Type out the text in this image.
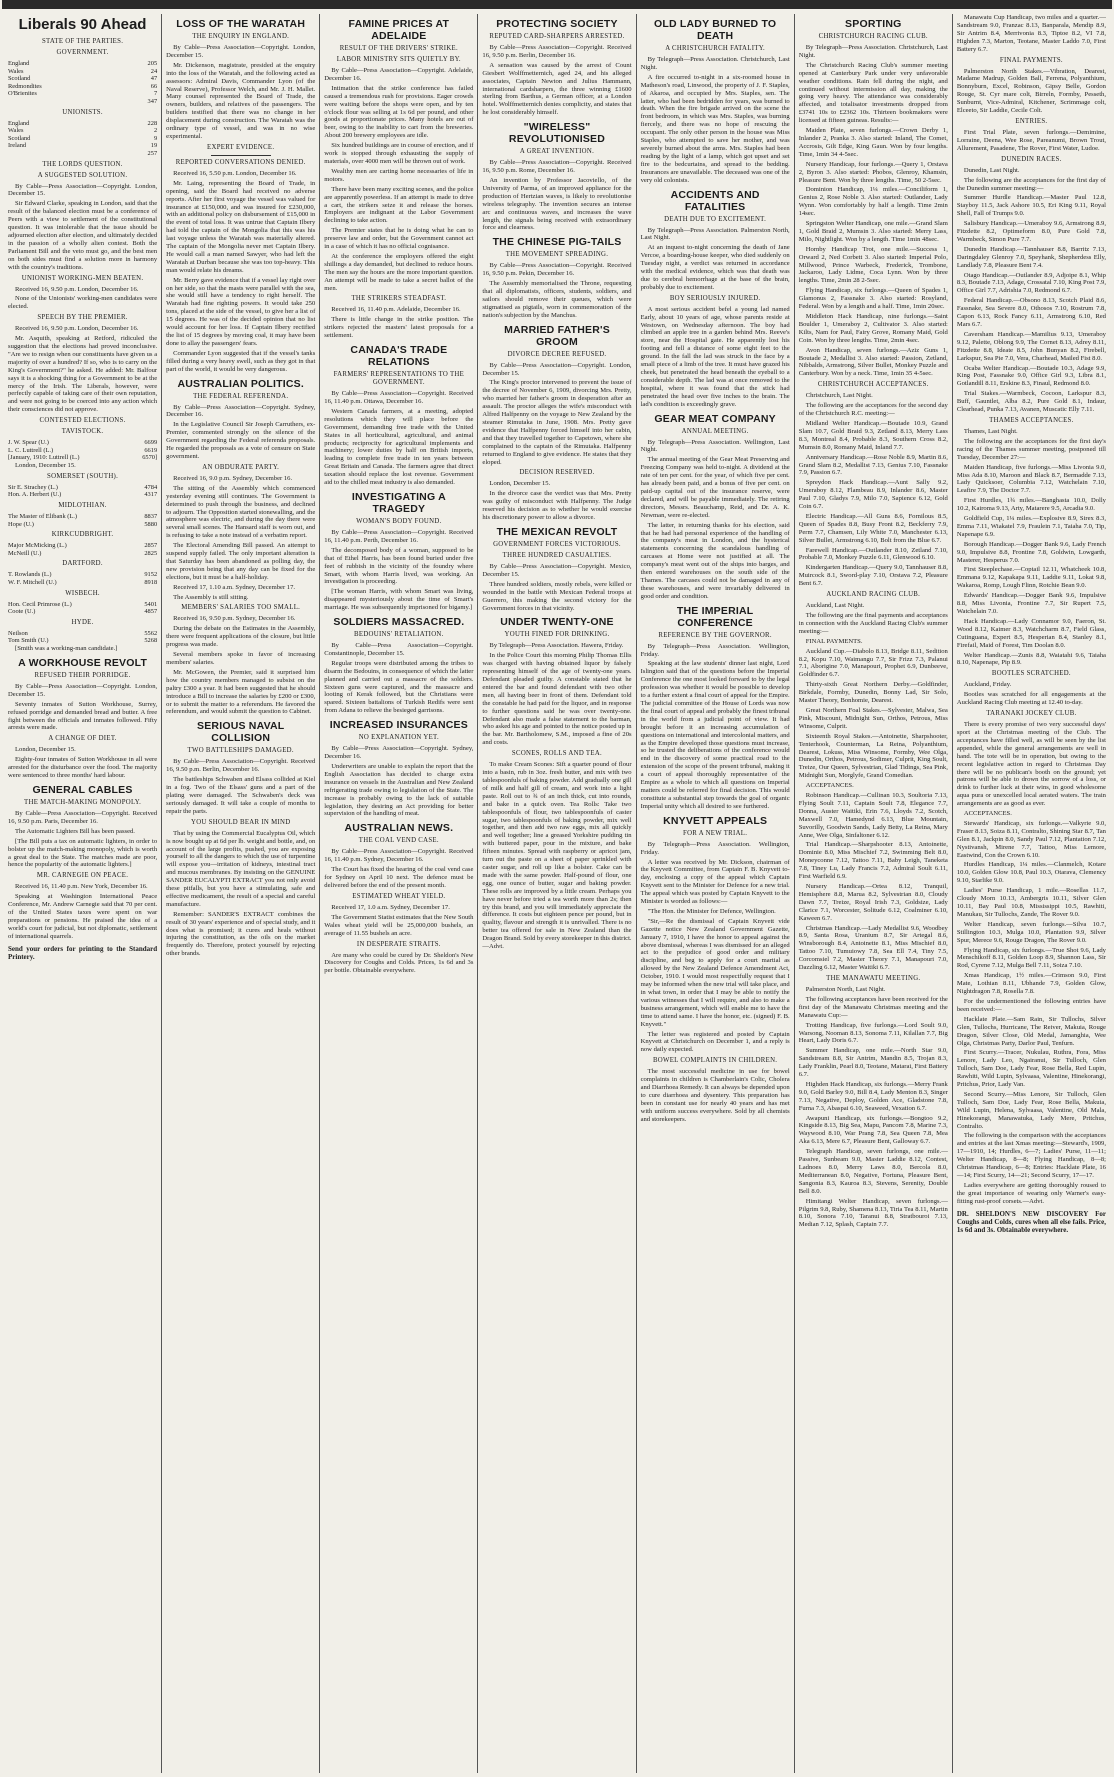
Liberals 90 Ahead
STATE OF THE PARTIES.
GOVERNMENT.
England	205
Wales	24
Scotland	47
Redmondites	66
O'Brienites	7
	347
UNIONISTS.
England	228
Wales	2
Scotland	9
Ireland	19
	257
THE LORDS QUESTION.
A SUGGESTED SOLUTION.

By Cable—Press Association—Copyright. London, December 15.

Sir Edward Clarke, speaking in London, said that the result of the balanced election must be a conference of Peers with a view to settlement of the constitutional question. It was intolerable that the issue should be adjourned election after election, and ultimately decided in the passion of a wholly alien contest. Both the Parliament Bill and the veto must go, and the best men on both sides must find a solution more in harmony with the country's traditions.

UNIONIST WORKING-MEN BEATEN.

Received 16, 9.50 p.m. London, December 16.

None of the Unionists' working-men candidates were elected.

SPEECH BY THE PREMIER.

Received 16, 9.50 p.m. London, December 16.

Mr. Asquith, speaking at Retford, ridiculed the suggestion that the elections had proved inconclusive. "Are we to resign when our constituents have given us a majority of over a hundred? If so, who is to carry on the King's Government?" he asked. He added: Mr. Balfour says it is a shocking thing for a Government to be at the mercy of the Irish. The Liberals, however, were perfectly capable of taking care of their own reputation, and were not going to be coerced into any action which their consciences did not approve.

CONTESTED ELECTIONS.
TAVISTOCK.
J. W. Spear (U.)	6699
L. C. Luttrell (L.)	6619
[January, 1910: Luttrell (L.)	6570]

London, December 15.

SOMERSET (SOUTH).
Sir E. Strachey (L.)	4784
Hon. A. Herbert (U.)	4317
MIDLOTHIAN.
The Master of Elibank (L.)	8837
Hope (U.)	5880
KIRKCUDBRIGHT.
Major McMicking (L.)	2857
McNeill (U.)	2825
DARTFORD.
T. Rowlands (L.)	9152
W. F. Mitchell (U.)	8918
WISBECH.
Hon. Cecil Primrose (L.)	5401
Coote (U.)	4857
HYDE.
Neilson	5562
Tom Smith (U.)	5268

[Smith was a working-man candidate.]

A WORKHOUSE REVOLT
REFUSED THEIR PORRIDGE.

By Cable—Press Association—Copyright. London, December 15.

Seventy inmates of Sutton Workhouse, Surrey, refused porridge and demanded bread and butter. A free fight between the officials and inmates followed. Fifty arrests were made.

A CHANGE OF DIET.

London, December 15.

Eighty-four inmates of Sutton Workhouse in all were arrested for the disturbance over the food. The majority were sentenced to three months' hard labour.

GENERAL CABLES
THE MATCH-MAKING MONOPOLY.

By Cable—Press Association—Copyright. Received 16, 9.50 p.m. Paris, December 16.

The Automatic Lighters Bill has been passed.

[The Bill puts a tax on automatic lighters, in order to bolster up the match-making monopoly, which is worth a great deal to the State. The matches made are poor, hence the popularity of the automatic lighters.]

MR. CARNEGIE ON PEACE.

Received 16, 11.40 p.m. New York, December 16.

Speaking at Washington International Peace Conference, Mr. Andrew Carnegie said that 70 per cent. of the United States taxes were spent on war preparations or pensions. He praised the idea of a world's court for judicial, but not diplomatic, settlement of international quarrels.

Send your orders for printing to the Standard Printery.
LOSS OF THE WARATAH
THE ENQUIRY IN ENGLAND.

By Cable—Press Association—Copyright. London, December 15.

Mr. Dickenson, magistrate, presided at the enquiry into the loss of the Waratah, and the following acted as assessors: Admiral Davis, Commander Lyon (of the Naval Reserve), Professor Welch, and Mr. J. H. Mallet. Many counsel represented the Board of Trade, the owners, builders, and relatives of the passengers. The builders testified that there was no change in her displacement during construction. The Waratah was the ordinary type of vessel, and was in no wise experimental.

EXPERT EVIDENCE.
REPORTED CONVERSATIONS DENIED.

Received 16, 5.50 p.m. London, December 16.

Mr. Laing, representing the Board of Trade, in opening, said the Board had received no adverse reports. After her first voyage the vessel was valued for insurance at £150,000, and was insured for £230,000, with an additional policy on disbursement of £15,000 in the event of total loss. It was untrue that Captain Ilbery had told the captain of the Mongolia that this was his last voyage unless the Waratah was materially altered. The captain of the Mongolia never met Captain Ilbery. He would call a man named Sawyer, who had left the Waratah at Durban because she was too top-heavy. This man would relate his dreams.

Mr. Berry gave evidence that if a vessel lay right over on her side, so that the masts were parallel with the sea, she would still have a tendency to right herself. The Waratah had fine righting powers. It would take 250 tons, placed at the side of the vessel, to give her a list of 15 degrees. He was of the decided opinion that no list would account for her loss. If Captain Ilbery rectified the list of 15 degrees by moving coal, it may have been done to allay the passengers' fears.

Commander Lyon suggested that if the vessel's tanks filled during a very heavy swell, such as they got in that part of the world, it would be very dangerous.

AUSTRALIAN POLITICS.
THE FEDERAL REFERENDA.

By Cable—Press Association—Copyright. Sydney, December 16.

In the Legislative Council Sir Joseph Carruthers, ex-Premier, commented strongly on the silence of the Government regarding the Federal referenda proposals. He regarded the proposals as a vote of censure on State government.

AN OBDURATE PARTY.

Received 16, 9.0 p.m. Sydney, December 16.

The sitting of the Assembly which commenced yesterday evening still continues. The Government is determined to push through the business, and declined to adjourn. The Opposition started stonewalling, and the atmosphere was electric, and during the day there were several small scenes. The Hansard staff is worn out, and is refusing to take a note instead of a verbatim report.

The Electoral Amending Bill passed. An attempt to suspend supply failed. The only important alteration is that Saturday has been abandoned as polling day, the new provision being that any day can be fixed for the elections, but it must be a half-holiday.

Received 17, 1.10 a.m. Sydney, December 17.

The Assembly is still sitting.

MEMBERS' SALARIES TOO SMALL.

Received 16, 9.50 p.m. Sydney, December 16.

During the debate on the Estimates in the Assembly, there were frequent applications of the closure, but little progress was made.

Several members spoke in favor of increasing members' salaries.

Mr. McGowen, the Premier, said it surprised him how the country members managed to subsist on the paltry £300 a year. It had been suggested that he should introduce a Bill to increase the salaries by £200 or £300, or to submit the matter to a referendum. He favored the referendum, and would submit the question to Cabinet.

SERIOUS NAVAL COLLISION
TWO BATTLESHIPS DAMAGED.

By Cable—Press Association—Copyright. Received 16, 9.50 p.m. Berlin, December 16.

The battleships Schwaben and Elsass collided at Kiel in a fog. Two of the Elsass' guns and a part of the plating were damaged. The Schwaben's deck was seriously damaged. It will take a couple of months to repair the parts.

YOU SHOULD BEAR IN MIND

That by using the Commercial Eucalyptus Oil, which is now bought up at 6d per lb. weight and bottle, and, on account of the large profits, pushed, you are exposing yourself to all the dangers to which the use of turpentine will expose you—irritation of kidneys, intestinal tract and mucous membranes. By insisting on the GENUINE SANDER EUCALYPTI EXTRACT you not only avoid these pitfalls, but you have a stimulating, safe and effective medicament, the result of a special and careful manufacture.

Remember: SANDER'S EXTRACT combines the result of 30 years' experience and of special study, and it does what is promised; it cures and heals without injuring the constitution, as the oils on the market frequently do. Therefore, protect yourself by rejecting other brands.

FAMINE PRICES AT ADELAIDE
RESULT OF THE DRIVERS' STRIKE.
LABOR MINISTRY SITS QUIETLY BY.

By Cable—Press Association—Copyright. Adelaide, December 16.

Intimation that the strike conference has failed caused a tremendous rush for provisions. Eager crowds were waiting before the shops were open, and by ten o'clock flour was selling at 1s 6d per pound, and other goods at proportionate prices. Many hotels are out of beer, owing to the inability to cart from the breweries. About 200 brewery employees are idle.

Six hundred buildings are in course of erection, and if work is stopped through exhausting the supply of materials, over 4000 men will be thrown out of work.

Wealthy men are carting home necessaries of life in motors.

There have been many exciting scenes, and the police are apparently powerless. If an attempt is made to drive a cart, the strikers seize it and release the horses. Employers are indignant at the Labor Government declining to take action.

The Premier states that he is doing what he can to preserve law and order, but the Government cannot act in a case of which it has no official cognisance.

At the conference the employers offered the eight shillings a day demanded, but declined to reduce hours. The men say the hours are the more important question. An attempt will be made to take a secret ballot of the men.

THE STRIKERS STEADFAST.

Received 16, 11.40 p.m. Adelaide, December 16.

There is little change in the strike position. The strikers rejected the masters' latest proposals for a settlement.

CANADA'S TRADE RELATIONS
FARMERS' REPRESENTATIONS TO THE GOVERNMENT.

By Cable—Press Association—Copyright. Received 16, 11.40 p.m. Ottawa, December 16.

Western Canada farmers, at a meeting, adopted resolutions which they will place before the Government, demanding free trade with the United States in all horticultural, agricultural, and animal products; reciprocity for agricultural implements and machinery; lower duties by half on British imports, leading to complete free trade in ten years between Great Britain and Canada. The farmers agree that direct taxation should replace the lost revenue. Government aid to the chilled meat industry is also demanded.

INVESTIGATING A TRAGEDY
WOMAN'S BODY FOUND.

By Cable—Press Association—Copyright. Received 16, 11.40 p.m. Perth, December 16.

The decomposed body of a woman, supposed to be that of Ethel Harris, has been found buried under five feet of rubbish in the vicinity of the foundry where Smart, with whom Harris lived, was working. An investigation is proceeding.

[The woman Harris, with whom Smart was living, disappeared mysteriously about the time of Smart's marriage. He was subsequently imprisoned for bigamy.]

SOLDIERS MASSACRED.
BEDOUINS' RETALIATION.

By Cable—Press Association—Copyright. Constantinople, December 15.

Regular troops were distributed among the tribes to disarm the Bedouins, in consequence of which the latter planned and carried out a massacre of the soldiers. Sixteen guns were captured, and the massacre and looting of Kerak followed, but the Christians were spared. Sixteen battalions of Turkish Redifs were sent from Adana to relieve the besieged garrisons.

INCREASED INSURANCES
NO EXPLANATION YET.

By Cable—Press Association—Copyright. Sydney, December 16.

Underwriters are unable to explain the report that the English Association has decided to charge extra insurance on vessels in the Australian and New Zealand refrigerating trade owing to legislation of the State. The increase is probably owing to the lack of suitable legislation, they desiring an Act providing for better supervision of the handling of meat.

AUSTRALIAN NEWS.
THE COAL VEND CASE.

By Cable—Press Association—Copyright. Received 16, 11.40 p.m. Sydney, December 16.

The Court has fixed the hearing of the coal vend case for Sydney on April 10 next. The defence must be delivered before the end of the present month.

ESTIMATED WHEAT YIELD.

Received 17, 1.0 a.m. Sydney, December 17.

The Government Statist estimates that the New South Wales wheat yield will be 25,000,000 bushels, an average of 11.55 bushels an acre.

IN DESPERATE STRAITS.

Are many who could be cured by Dr. Sheldon's New Discovery for Coughs and Colds. Prices, 1s 6d and 3s per bottle. Obtainable everywhere.

PROTECTING SOCIETY
REPUTED CARD-SHARPERS ARRESTED.

By Cable—Press Association—Copyright. Received 16, 9.50 p.m. Berlin, December 16.

A sensation was caused by the arrest of Count Giesbert Wolffmetternich, aged 24, and his alleged associates, Captain Newton and Julius Hammann, international cardsharpers, the three winning £1600 sterling from Barthus, a German officer, at a London hotel. Wolffmetternich denies complicity, and states that he lost considerably himself.

"WIRELESS" REVOLUTIONISED
A GREAT INVENTION.

By Cable—Press Association—Copyright. Received 16, 9.50 p.m. Rome, December 16.

An invention by Professor Jacoviello, of the University of Parma, of an improved appliance for the production of Hertzian waves, is likely to revolutionise wireless telegraphy. The invention secures an intense arc and continuous waves, and increases the wave length, the signals being received with extraordinary force and clearness.

THE CHINESE PIG-TAILS
THE MOVEMENT SPREADING.

By Cable—Press Association—Copyright. Received 16, 9.50 p.m. Pekin, December 16.

The Assembly memorialised the Throne, requesting that all diplomatists, officers, students, soldiers, and sailors should remove their queues, which were stigmatised as pigtails, worn in commemoration of the nation's subjection by the Manchus.

MARRIED FATHER'S GROOM
DIVORCE DECREE REFUSED.

By Cable—Press Association—Copyright. London, December 15.

The King's proctor intervened to prevent the issue of the decree of November 6, 1909, divorcing Mrs. Pretty, who married her father's groom in desperation after an assault. The proctor alleges the wife's misconduct with Alfred Halfpenny on the voyage to New Zealand by the steamer Rimutaka in June, 1908. Mrs. Pretty gave evidence that Halfpenny forced himself into her cabin, and that they travelled together to Capetown, where she complained to the captain of the Rimutaka. Halfpenny returned to England to give evidence. He states that they eloped.

DECISION RESERVED.

London, December 15.

In the divorce case the verdict was that Mrs. Pretty was guilty of misconduct with Halfpenny. The Judge reserved his decision as to whether he would exercise his discretionary power to allow a divorce.

THE MEXICAN REVOLT
GOVERNMENT FORCES VICTORIOUS.
THREE HUNDRED CASUALTIES.

By Cable—Press Association—Copyright. Mexico, December 15.

Three hundred soldiers, mostly rebels, were killed or wounded in the battle with Mexican Federal troops at Guerrero, this making the second victory for the Government forces in that vicinity.

UNDER TWENTY-ONE
YOUTH FINED FOR DRINKING.

By Telegraph—Press Association. Hawera, Friday.

In the Police Court this morning Philip Thomas Ellis was charged with having obtained liquor by falsely representing himself of the age of twenty-one years. Defendant pleaded guilty. A constable stated that he entered the bar and found defendant with two other men, all having beer in front of them. Defendant told the constable he had paid for the liquor, and in response to further questions said he was over twenty-one. Defendant also made a false statement to the barman, who asked his age and pointed to the notice posted up in the bar. Mr. Bartholomew, S.M., imposed a fine of 20s and costs.

SCONES, ROLLS AND TEA.

To make Cream Scones: Sift a quarter pound of flour into a basin, rub in 3oz. fresh butter, and mix with two tablespoonfuls of baking powder. Add gradually one gill of milk and half gill of cream, and work into a light paste. Roll out to ¾ of an inch thick, cut into rounds, and bake in a quick oven. Tea Rolls: Take two tablespoonfuls of flour, two tablespoonfuls of caster sugar, two tablespoonfuls of baking powder, mix well together, and then add two raw eggs, mix all quickly and well together; line a greased Yorkshire pudding tin with buttered paper, pour in the mixture, and bake fifteen minutes. Spread with raspberry or apricot jam, turn out the paste on a sheet of paper sprinkled with caster sugar, and roll up like a bolster. Cake can be made with the same powder. Half-pound of flour, one egg, one ounce of butter, sugar and baking powder. These rolls are improved by a little cream. Perhaps you have never before tried a tea worth more than 2s; then try this brand, and you will immediately appreciate the difference. It costs but eighteen pence per pound, but in quality, flavour and strength it is unrivalled. There is no better tea offered for sale in New Zealand than the Dragon Brand. Sold by every storekeeper in this district.—Advt.

OLD LADY BURNED TO DEATH
A CHRISTCHURCH FATALITY.

By Telegraph—Press Association. Christchurch, Last Night.

A fire occurred to-night in a six-roomed house in Matheson's road, Linwood, the property of J. F. Staples, of Akaroa, and occupied by Mrs. Staples, sen. The latter, who had been bedridden for years, was burned to death. When the fire brigade arrived on the scene the front bedroom, in which was Mrs. Staples, was burning fiercely, and there was no hope of rescuing the occupant. The only other person in the house was Miss Staples, who attempted to save her mother, and was severely burned about the arms. Mrs. Staples had been reading by the light of a lamp, which got upset and set fire to the bedcurtains, and spread to the bedding. Insurances are unavailable. The deceased was one of the very old colonists.

ACCIDENTS AND FATALITIES
DEATH DUE TO EXCITEMENT.

By Telegraph—Press Association. Palmerston North, Last Night.

At an inquest to-night concerning the death of Jane Vercoe, a boarding-house keeper, who died suddenly on Tuesday night, a verdict was returned in accordance with the medical evidence, which was that death was due to cerebral hemorrhage at the base of the brain, probably due to excitement.

BOY SERIOUSLY INJURED.

A most serious accident befel a young lad named Early, about 10 years of age, whose parents reside at Westown, on Wednesday afternoon. The boy had climbed an apple tree in a garden behind Mrs. Reeve's store, near the Hospital gate. He apparently lost his footing and fell a distance of some eight feet to the ground. In the fall the lad was struck in the face by a small piece of a limb of the tree. It must have grazed his cheek, but penetrated the head beneath the eyeball to a considerable depth. The lad was at once removed to the hospital, where it was found that the stick had penetrated the head over five inches to the brain. The lad's condition is exceedingly grave.

GEAR MEAT COMPANY
ANNUAL MEETING.

By Telegraph—Press Association. Wellington, Last Night.

The annual meeting of the Gear Meat Preserving and Freezing Company was held to-night. A dividend at the rate of ten per cent. for the year, of which five per cent. has already been paid, and a bonus of five per cent. on paid-up capital out of the insurance reserve, were declared, and will be payable immediately. The retiring directors, Messrs. Beauchamp, Reid, and Dr. A. K. Newman, were re-elected.

The latter, in returning thanks for his election, said that he had had personal experience of the handling of the company's meat in London, and the hysterical statements concerning the scandalous handling of carcases at Home were not justified at all. The company's meat went out of the ships into barges, and then entered warehouses on the south side of the Thames. The carcases could not be damaged in any of these warehouses, and were invariably delivered in good order and condition.

THE IMPERIAL CONFERENCE
REFERENCE BY THE GOVERNOR.

By Telegraph—Press Association. Wellington, Friday.

Speaking at the law students' dinner last night, Lord Islington said that of the questions before the Imperial Conference the one most looked forward to by the legal profession was whether it would be possible to develop to a further extent a final court of appeal for the Empire. The judicial committee of the House of Lords was now the final court of appeal and probably the finest tribunal in the world from a judicial point of view. It had brought before it an increasing accumulation of questions on international and intercolonial matters, and as the Empire developed those questions must increase, so he trusted the deliberations of the conference would end in the discovery of some practical road to the extension of the scope of the present tribunal, making it a court of appeal thoroughly representative of the Empire as a whole to which all questions on Imperial matters could be referred for final decision. This would constitute a substantial step towards the goal of organic Imperial unity which all desired to see furthered.

KNYVETT APPEALS
FOR A NEW TRIAL.

By Telegraph—Press Association. Wellington, Friday.

A letter was received by Mr. Dickson, chairman of the Knyvett Committee, from Captain F. B. Knyvett to-day, enclosing a copy of the appeal which Captain Knyvett sent to the Minister for Defence for a new trial. The appeal which was posted by Captain Knyvett to the Minister is worded as follows:—

"The Hon. the Minister for Defence, Wellington.

"Sir,—Re the dismissal of Captain Knyvett vide Gazette notice New Zealand Government Gazette, January 7, 1910, I have the honor to appeal against the above dismissal, whereas I was dismissed for an alleged act to the prejudice of good order and military discipline, and beg to apply for a court martial as allowed by the New Zealand Defence Amendment Act, October, 1910. I would most respectfully request that I may be informed when the new trial will take place, and in what town, in order that I may be able to notify the various witnesses that I will require, and also to make a business arrangement, which will enable me to have the time to attend same. I have the honor, etc. (signed) F. B. Knyvett."

The letter was registered and posted by Captain Knyvett at Christchurch on December 1, and a reply is now daily expected.

BOWEL COMPLAINTS IN CHILDREN.

The most successful medicine in use for bowel complaints in children is Chamberlain's Colic, Cholera and Diarrhoea Remedy. It can always be depended upon to cure diarrhoea and dysentery. This preparation has been in constant use for nearly 40 years and has met with uniform success everywhere. Sold by all chemists and storekeepers.

SPORTING
CHRISTCHURCH RACING CLUB.

By Telegraph—Press Association. Christchurch, Last Night.

The Christchurch Racing Club's summer meeting opened at Canterbury Park under very unfavorable weather conditions. Rain fell during the night, and continued without intermission all day, making the going very heavy. The attendance was considerably affected, and totalisator investments dropped from £3741 10s to £2362 10s. Thirteen bookmakers were licensed at fifteen guineas. Results:—

Maiden Plate, seven furlongs.—Crown Derby 1, Inlander 2, Pranka 3. Also started: Inland, The Comet, Accrosis, Gilt Edge, King Gaun. Won by four lengths. Time, 1min 34 4-5sec.

Nursery Handicap, four furlongs.—Query 1, Orstava 2, Byron 3. Also started: Phobos, Glenroy, Khamsin, Pleasure Bent. Won by three lengths. Time, 50 2-5sec.

Dominion Handicap, 1¼ miles.—Conciliform 1, Genius 2, Rose Noble 3. Also started: Outlander, Lady Wynn. Won comfortably by half a length. Time 2min 14sec.

Springston Welter Handicap, one mile.—Grand Slam 1, Gold Braid 2, Mumsin 3. Also started: Merry Lass, Milo, Nightlight. Won by a length. Time 1min 48sec.

Hornby Handicap Trot, one mile.—Success 1, Orward 2, Ned Corbett 3. Also started: Imperial Polo, Millwood, Prince Warbeck, Frederick, Trombone, Jackaroo, Lady Lidme, Coca Lynn. Won by three lengths. Time, 2min 28 2-5sec.

Flying Handicap, six furlongs.—Queen of Spades 1, Glamonus 2, Fassnake 3. Also started: Rosyland, Federal. Won by a length and a half. Time, 1min 20sec.

Middleton Hack Handicap, nine furlongs.—Saint Boulder 1, Umeraboy 2, Cultivator 3. Also started: Kilts, Nam for Paul, Fairy Grove, Romany Maid, Gold Coin. Won by three lengths. Time, 2min 4sec.

Avon Handicap, seven furlongs.—Aziz Guns 1, Boutade 2, Medallist 3. Also started: Passion, Zetland, Nibbalds, Armstrong, Silver Bullet, Monkey Puzzle and Canterbury. Won by a neck. Time, 1min 35 4-5sec.

CHRISTCHURCH ACCEPTANCES.

Christchurch, Last Night.

The following are the acceptances for the second day of the Christchurch R.C. meeting:—

Midland Welter Handicap.—Boutade 10.9, Grand Slam 10.7, Gold Braid 9.3, Zetland 8.13, Merry Lass 8.3, Montreal 8.4, Probable 8.3, Southern Cross 8.2, Mumsin 8.0, Romany Maid, Inland 7.7.

Anniversary Handicap.—Rose Noble 8.9, Martin 8.6, Grand Slam 8.2, Medallist 7.13, Genius 7.10, Fassnake 7.9, Passion 6.7.

Spreydon Hack Handicap.—Aunt Sally 9.2, Umeraboy 8.12, Flambeau 8.9, Inlander 8.6, Master Paul 7.10, Gladys 7.9, Milo 7.0, Sapience 6.12, Gold Coin 6.7.

Electric Handicap.—All Guns 8.6, Fornilous 8.5, Queen of Spades 8.8, Busy Front 8.2, Beckferry 7.9, Perm 7.7, Chamsen, Lily White 7.0, Manchester 6.13, Silver Bullet, Armstrong 6.10, Bolt from the Blue 6.7.

Farewell Handicap.—Outlander 8.10, Zetland 7.10, Probable 7.0, Monkey Puzzle 6.11, Glenwood 6.10.

Kindergarten Handicap.—Query 9.0, Tannhauser 8.8, Muircock 8.1, Sword-play 7.10, Orstava 7.2, Pleasure Bent 6.7.

AUCKLAND RACING CLUB.

Auckland, Last Night.

The following are the final payments and acceptances in connection with the Auckland Racing Club's summer meeting:—

FINAL PAYMENTS.

Auckland Cup.—Diabolo 8.13, Bridge 8.11, Sedition 8.2, Kopu 7.10, Waimangu 7.7, Sir Frizz 7.3, Palanui 7.1, Aborigine 7.0, Manapouri, Prophet 6.9, Dunbeeve, Goldfinder 6.7.

Thirty-sixth Great Northern Derby.—Goldfinder, Birkdale, Formby, Dunedin, Bonny Lad, Sir Solo, Master Theory, Bonhomie, Dearest.

Great Northern Foal Stakes.—Sylvester, Malwa, Sea Pink, Miscount, Midnight Sun, Orthos, Petrous, Miss Winsome, Culprit.

Sixteenth Royal Stakes.—Antoinette, Sharpshooter, Tenterhook, Counterman, La Reina, Polyanthium, Dearest, Lokuss, Miss Winsome, Formby, Wee Olga, Dunedin, Orthos, Petrous, Sodimer, Culprit, King Soult, Treize, Our Queen, Sylvestrian, Glad Tidings, Sea Pink, Midnight Sun, Morglyfe, Grand Comedian.

ACCEPTANCES.

Robinson Handicap.—Cullinan 10.3, Soultoria 7.13, Flying Soult 7.11, Captain Soult 7.8, Elegance 7.7, Donna, Auster Waitiki, Erin 7.6, Lloyds 7.2, Scotch, Maxwell 7.0, Hamedynd 6.13, Blue Mountain, Suvorilly, Goodwin Sands, Lady Betty, La Reina, Mary Anne, Wee Olga, Sinfaltoner 6.12.

Trial Handicap.—Sharpshooter 8.13, Antoinette, Dominie 8.0, Miss Mischief 7.2, Swimming Belt 8.0, Moneyconne 7.12, Tattoo 7.11, Baby Leigh, Taneketa 7.8, Tiney Lu, Lady Francis 7.2, Admiral Soult 6.11, First Warfield 6.9.

Nursery Handicap.—Ortea 8.12, Tranquil, Hemisphere 8.8, Marua 8.2, Sylvestrian 8.0, Cloudy Dawn 7.7, Treize, Royal Irish 7.3, Goldsize, Lady Clarice 7.1, Worcester, Solitude 6.12, Coalminer 6.10, Kaween 6.7.

Christmas Handicap.—Lady Medallist 9.6, Woodbey 8.9, Santa Rosa, Uranium 8.7, Sir Artegal 8.6, Winsborough 8.4, Antoinette 8.1, Miss Mischief 8.0, Tattoo 7.10, Tumuiowy 7.8, Sea Ell 7.4, Tiny 7.5, Corcomsiel 7.2, Master Theory 7.1, Manapouri 7.0, Dazzling 6.12, Master Waitiki 6.7.

THE MANAWATU MEETING.

Palmerston North, Last Night.

The following acceptances have been received for the first day of the Manawatu Christmas meeting and the Manawatu Cup:—

Trotting Handicap, five furlongs.—Lord Soult 9.0, Warsong, Nooman 8.13, Sonoma 7.11, Kilallan 7.7, Big Heart, Lady Doris 6.7.

Summer Handicap, one mile.—North Star 9.0, Sandstream 8.8, Sir Antrim, Mandin 8.5, Trojan 8.3, Lady Franklin, Pearl 8.0, Teotane, Matarai, First Battery 6.7.

Highden Hack Handicap, six furlongs.—Merry Frank 9.0, Gold Barley 9.0, Bill 8.4, Lady Menton 8.3, Singer 7.13, Negative, Deploy, Golden Ace, Gladstone 7.8, Furna 7.3, Abaspai 6.10, Seaweed, Vexation 6.7.

Awapuni Handicap, six furlongs.—Bongtoo 9.2, Kingside 8.13, Big Sea, Mapu, Pancom 7.8, Marine 7.3, Waywood 8.10, War Prang 7.8, Sea Queen 7.8, Mea Aka 6.13, Mere 6.7, Pleasure Bent, Galloway 6.7.

Telegraph Handicap, seven furlongs, one mile.—Passive, Sunbeam 9.0, Master Laddie 8.12, Contest, Ladnoes 8.0, Merry Laws 8.0, Bercola 8.0, Mediterranean 8.0, Negative, Fortuna, Pleasure Bent, Sangonia 8.3, Kauroa 8.3, Stevens, Serenity, Double Bell 8.0.

Himitangi Welter Handicap, seven furlongs.—Pilgrim 9.8, Ruby, Shamena 8.13, Tiria Tea 8.11, Martin 8.10, Sonora 7.10, Taranui 8.8, Stratbouroi 7.13, Median 7.12, Splash, Captain 7.7.

Manawatu Cup Handicap, two miles and a quarter.—Sandstream 9.0, Franzac 8.13, Banparala, Mendip 8.9, Sir Antrim 8.4, Merrivonia 8.3, Tiptoe 8.2, VI 7.8, Highden 7.3, Marton, Teotane, Master Laddo 7.0, First Battery 6.7.

FINAL PAYMENTS.

Palmerston North Stakes.—Vibration, Dearest, Madame Madrup, Golden Ball, Ferrena, Polyanthium, Bonnyburn, Excel, Robinson, Gipsy Belle, Gordon Rouge, St. Cyr mare colt, Birreln, Formby, Pesseth, Sunburnt, Vice-Admiral, Kitchener, Scrimmage colt, Elceeto, Sir Laddie, Cecile Colt.

ENTRIES.

First Trial Plate, seven furlongs.—Demimine, Lorraine, Deena, Wee Rose, Pareanumi, Brown Trout, Allurement, Pasadene, The Rover, First Water, Ludoe.

DUNEDIN RACES.

Dunedin, Last Night.

The following are the acceptances for the first day of the Dunedin summer meeting:—

Summer Hurdle Handicap.—Master Paul 12.8, Stayboy 11.5, Jack Ashore 10.5, Eri King 9.11, Royal Shell, Fall of Trumps 9.0.

Salisbury Handicap.—Umeraboy 9.6, Armstrong 8.9, Fitzdette 8.2, Optimeform 8.0, Pure Gold 7.8, Warmbeck, Simon Pure 7.7.

Dunedin Handicap.—Tannhauser 8.8, Barritz 7.13, Daringdaley Glenroy 7.0, Speyhank, Shepherdess Elly, Landlady 7.8, Pleasure Bent 7.4.

Otago Handicap.—Outlander 8.9, Adjoipe 8.1, Whip 8.3, Boutade 7.13, Adage, Crossatal 7.10, King Post 7.9, Office Girl 7.7, Adrishia 7.0, Redmond 6.7.

Federal Handicap.—Obsono 8.13, Scotch Plaid 8.6, Fassnake, Sea Severe 8.0, Othosos 7.10, Rostrum 7.8, Capon 6.13, Rock Fancy 6.11, Armstrong 6.10, Red Mars 6.7.

Caversham Handicap.—Mamilius 9.13, Umeraboy 9.12, Palette, Oblong 9.9, The Cornet 8.13, Adrey 8.11, Fitzdette 8.8, Ideate 8.5, John Bunyan 8.2, Firebell, Larkspur, Sea Pie 7.0, Vera, Charhead, Mailed Fist 8.0.

Ocaba Welter Handicap.—Boutade 10.3, Adage 9.9, King Post, Fassnake 9.0, Office Girl 9.3, Libra 8.1, Gotlandill 8.11, Erskine 8.3, Finaul, Redmond 8.0.

Trial Stakes.—Warmbeck, Cocoon, Larkspur 8.3, Buff, Gauntlet, Alba 8.2, Pure Gold 8.1, Indaur, Clearhead, Punka 7.13, Avanen, Muscatic Elly 7.11.

THAMES ACCEPTANCES.

Thames, Last Night.

The following are the acceptances for the first day's racing of the Thames summer meeting, postponed till Tuesday, December 27:—

Maiden Handicap, five furlongs.—Miss Livonia 9.0, Miss Ada 8.10, Maroon and Black 8.7, Bermadde 7.13, Lady Quicksoer, Columbia 7.12, Watchelain 7.10, Leafire 7.9, The Doctor 7.7.

First Hurdles, 1¾ miles.—Banghasta 10.0, Dolly 10.2, Kairoma 9.13, Arty, Matarere 9.5, Arcadia 9.0.

Goldfield Cup, 1¼ miles.—Explosive 8.9, Sirex 8.3, Emma 7.11, Wiakatel 7.9, Fraulein 7.1, Taiaha 7.0, Tip, Napenape 6.9.

Borough Handicap.—Dogger Bank 9.6, Lady French 9.0, Impulsive 8.8, Frontine 7.8, Goldwin, Lowgarth, Masterer, Hesperus 7.0.

First Steeplechase.—Coptail 12.11, Whatcheek 10.8, Emmana 9.12, Kapakapa 9.11, Laddie 9.11, Lokat 9.8, Wakaroa, Romp, Lough Flinn, Rotchie Bean 9.0.

Edwards' Handicap.—Dogger Bank 9.6, Impulsive 8.8, Miss Livonia, Frontine 7.7, Sir Rupert 7.5, Watchelain 7.0.

Hack Handicap.—Lady Connamor 9.0, Faeron, St. Wood 8.12, Kaimer 8.3, Watchcharm 8.7, Field Glass, Cutinguana, Expert 8.5, Hesperian 8.4, Stanley 8.1, Firefail, Maid of Forest, Tim Doolan 8.0.

Welter Handicap.—Zunis 8.8, Waiatahi 9.6, Taiaha 8.10, Napenape, Pip 8.9.

BOOTLES SCRATCHED.

Auckland, Friday.

Bootles was scratched for all engagements at the Auckland Racing Club meeting at 12.40 to-day.

TARANAKI JOCKEY CLUB.

There is every promise of two very successful days' sport at the Christmas meeting of the Club. The acceptances have filled well, as will be seen by the list appended, while the general arrangements are well in hand. The tote will be in operation, but owing to the recent legislative action in regard to Christmas Day there will be no publican's booth on the ground; yet patrons will be able to drown the sorrow of a loss, or drink to further luck at their wins, in good wholesome aqua pura or unexcelled local aerated waters. The train arrangements are as good as ever.

ACCEPTANCES.

Stewards' Handicap, six furlongs.—Valkyrie 9.0, Fraser 8.13, Soiza 8.11, Contralto, Shining Star 8.7, Tan Glen 8.1, Jackpin 8.0, Sandy Paul 7.12, Plantation 7.12, Nystivansh, Mirene 7.7, Tattoo, Miss Lemore, Eastwind, Con the Crown 6.10.

Hurdles Handicap, 1¼ miles.—Clanmelch, Kotare 10.0, Golden Glow 10.8, Paul 10.3, Otarava, Clemency 9.10, Starlike 9.0.

Ladies' Purse Handicap, 1 mile.—Rosellas 11.7, Cloudy Morn 10.13, Ambergris 10.11, Silver Glen 10.11, Bay Paul 10.8, Mississippi 10.5, Rawhiti, Manukau, Sir Tullochs, Zande, The Rover 9.0.

Welter Handicap, seven furlongs.—Silva 10.7, Stillington 10.3, Mulga 10.0, Plantation 9.9, Silver Spur, Merece 9.6, Rouge Dragon, The Rover 9.0.

Flying Handicap, six furlongs.—True Shot 9.6, Lady Menschikoff 8.11, Golden Loop 8.9, Shannon Lass, Sir Rod, Cyrene 7.12, Mulga Bell 7.11, Soiza 7.10.

Xmas Handicap, 1½ miles.—Crimson 9.0, First Mate, Lothian 8.11, Ubhande 7.9, Golden Glow, Nightdragon 7.8, Rosella 7.8.

For the undermentioned the following entries have been received:—

Hacklate Plate.—Sam Rain, Sir Tullochs, Silver Glen, Tullochs, Hurricane, The Reiver, Makuia, Rouge Dragon, Silver Close, Old Medal, Jamanghia, Wee Olga, Christmas Party, Darlor Paul, Tenfurn.

First Scurry.—Tracer, Nukulau, Ruthra, Fora, Miss Lenore, Lady Leo, Ngairanui, Sir Tulloch, Glen Tulloch, Sam Doe, Lady Fear, Rose Bella, Red Lupin, Rawhiti, Wild Lupin, Sylvaasa, Valentine, Hinekorangi, Pritchus, Prior, Lady Van.

Second Scurry.—Miss Lenore, Sir Tulloch, Glen Tulloch, Sam Doe, Lady Fear, Rose Bella, Makuia, Wild Lupin, Helena, Sylvaasa, Valentine, Old Mala, Hinekorangi, Manawatuka, Lady Mere, Pritchus, Contralto.

The following is the comparison with the acceptances and entries at the last Xmas meeting:—Steward's, 1909, 17—1910, 14; Hurdles, 6—7; Ladies' Purse, 11—11; Welter Handicap, 8—8; Flying Handicap, 8—8; Christmas Handicap, 6—8; Entries: Hacklate Plate, 16—14; First Scurry, 14—21; Second Scurry, 17—17.

Ladies everywhere are getting thoroughly roused to the great importance of wearing only Warner's easy-fitting rust-proof corsets.—Advt.

DR. SHELDON'S NEW DISCOVERY For Coughs and Colds, cures when all else fails. Price, 1s 6d and 3s. Obtainable everywhere.
